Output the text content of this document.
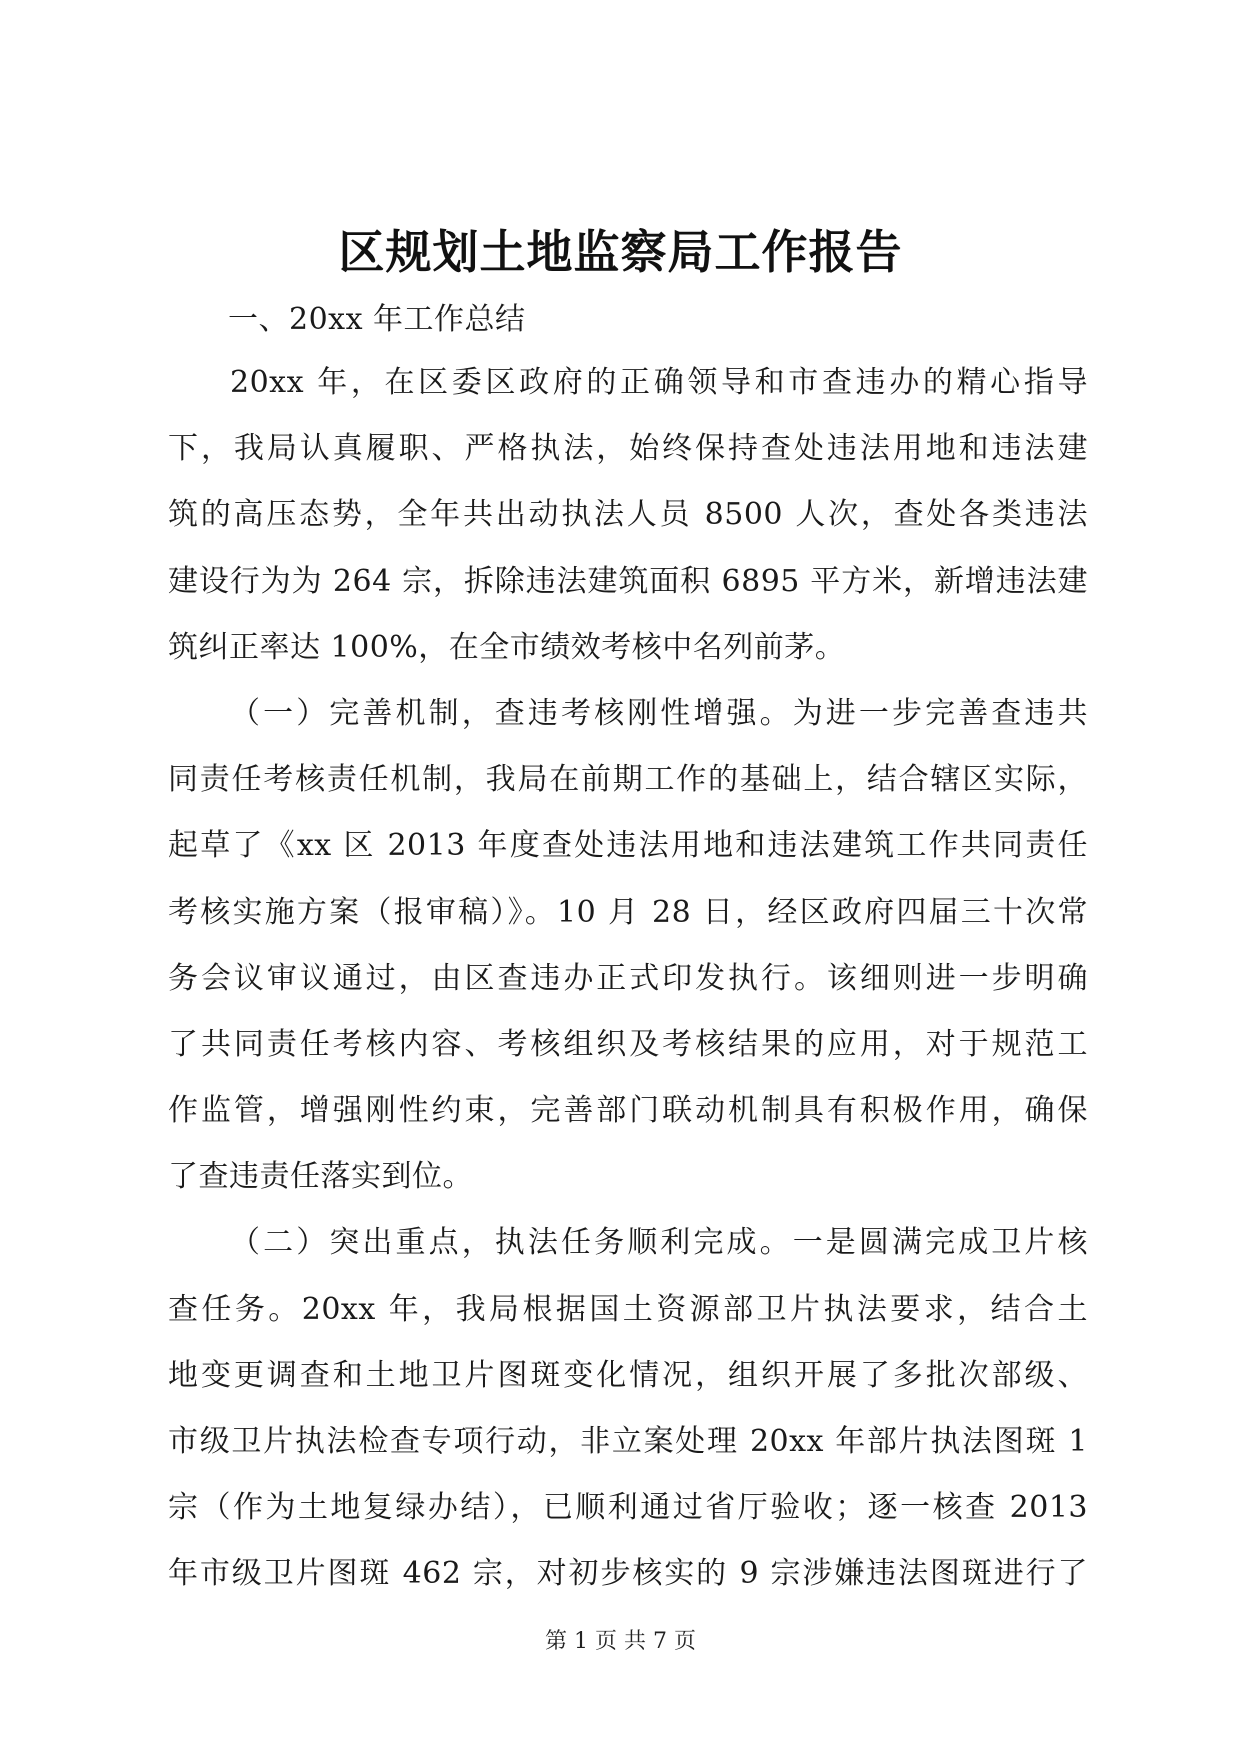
区规划土地监察局工作报告
一、20xx 年工作总结
20xx 年，在区委区政府的正确领导和市查违办的精心指导
下，我局认真履职、严格执法，始终保持查处违法用地和违法建
筑的高压态势，全年共出动执法人员 8500 人次，查处各类违法
建设行为为 264 宗，拆除违法建筑面积 6895 平方米，新增违法建
筑纠正率达 100%，在全市绩效考核中名列前茅。
（一）完善机制，查违考核刚性增强。为进一步完善查违共
同责任考核责任机制，我局在前期工作的基础上，结合辖区实际，
起草了《xx 区 2013 年度查处违法用地和违法建筑工作共同责任
考核实施方案（报审稿）》。10 月 28 日，经区政府四届三十次常
务会议审议通过，由区查违办正式印发执行。该细则进一步明确
了共同责任考核内容、考核组织及考核结果的应用，对于规范工
作监管，增强刚性约束，完善部门联动机制具有积极作用，确保
了查违责任落实到位。
（二）突出重点，执法任务顺利完成。一是圆满完成卫片核
查任务。20xx 年，我局根据国土资源部卫片执法要求，结合土
地变更调查和土地卫片图斑变化情况，组织开展了多批次部级、
市级卫片执法检查专项行动，非立案处理 20xx 年部片执法图斑 1
宗（作为土地复绿办结），已顺利通过省厅验收；逐一核查 2013
年市级卫片图斑 462 宗，对初步核实的 9 宗涉嫌违法图斑进行了
第 1 页 共 7 页
